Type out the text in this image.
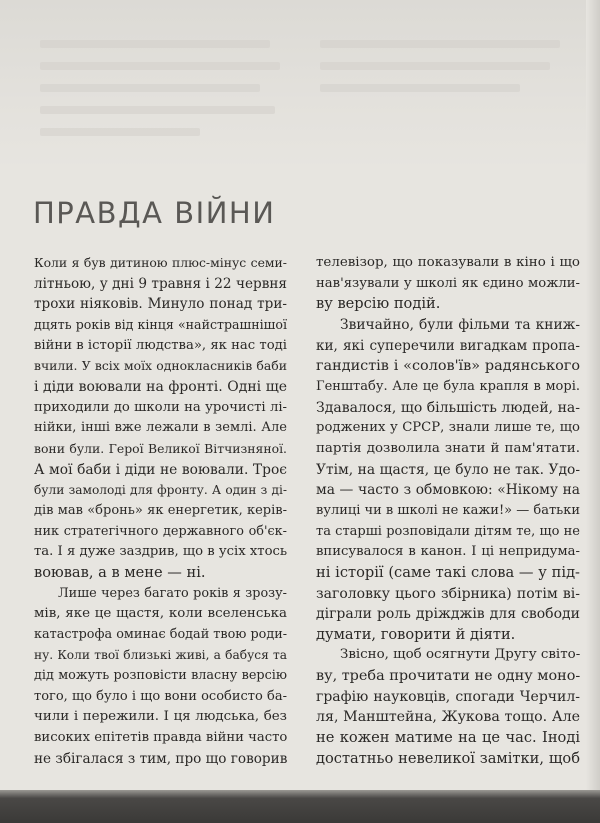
ПРАВДА ВІЙНИ
Коли я був дитиною плюс-мінус семи-
літньою, у дні 9 травня і 22 червня
трохи ніяковів. Минуло понад три-
дцять років від кінця «найстрашнішої
війни в історії людства», як нас тоді
вчили. У всіх моїх однокласників баби
і діди воювали на фронті. Одні ще
приходили до школи на урочисті лі-
нійки, інші вже лежали в землі. Але
вони були. Герої Великої Вітчизняної.
А мої баби і діди не воювали. Троє
були замолоді для фронту. А один з ді-
дів мав «бронь» як енергетик, керів-
ник стратегічного державного об'єк-
та. І я дуже заздрив, що в усіх хтось
воював, а в мене — ні.
Лише через багато років я зрозу-
мів, яке це щастя, коли вселенська
катастрофа оминає бодай твою роди-
ну. Коли твої близькі живі, а бабуся та
дід можуть розповісти власну версію
того, що було і що вони особисто ба-
чили і пережили. І ця людська, без
високих епітетів правда війни часто
не збігалася з тим, про що говорив
телевізор, що показували в кіно і що
нав'язували у школі як єдино можли-
ву версію подій.
Звичайно, були фільми та книж-
ки, які суперечили вигадкам пропа-
гандистів і «солов'їв» радянського
Генштабу. Але це була крапля в морі.
Здавалося, що більшість людей, на-
роджених у СРСР, знали лише те, що
партія дозволила знати й пам'ятати.
Утім, на щастя, це було не так. Удо-
ма — часто з обмовкою: «Нікому на
вулиці чи в школі не кажи!» — батьки
та старші розповідали дітям те, що не
вписувалося в канон. І ці непридума-
ні історії (саме такі слова — у під-
заголовку цього збірника) потім ві-
діграли роль дріжджів для свободи
думати, говорити й діяти.
Звісно, щоб осягнути Другу світо-
ву, треба прочитати не одну моно-
графію науковців, спогади Черчил-
ля, Манштейна, Жукова тощо. Але
не кожен матиме на це час. Іноді
достатньо невеликої замітки, щоб
